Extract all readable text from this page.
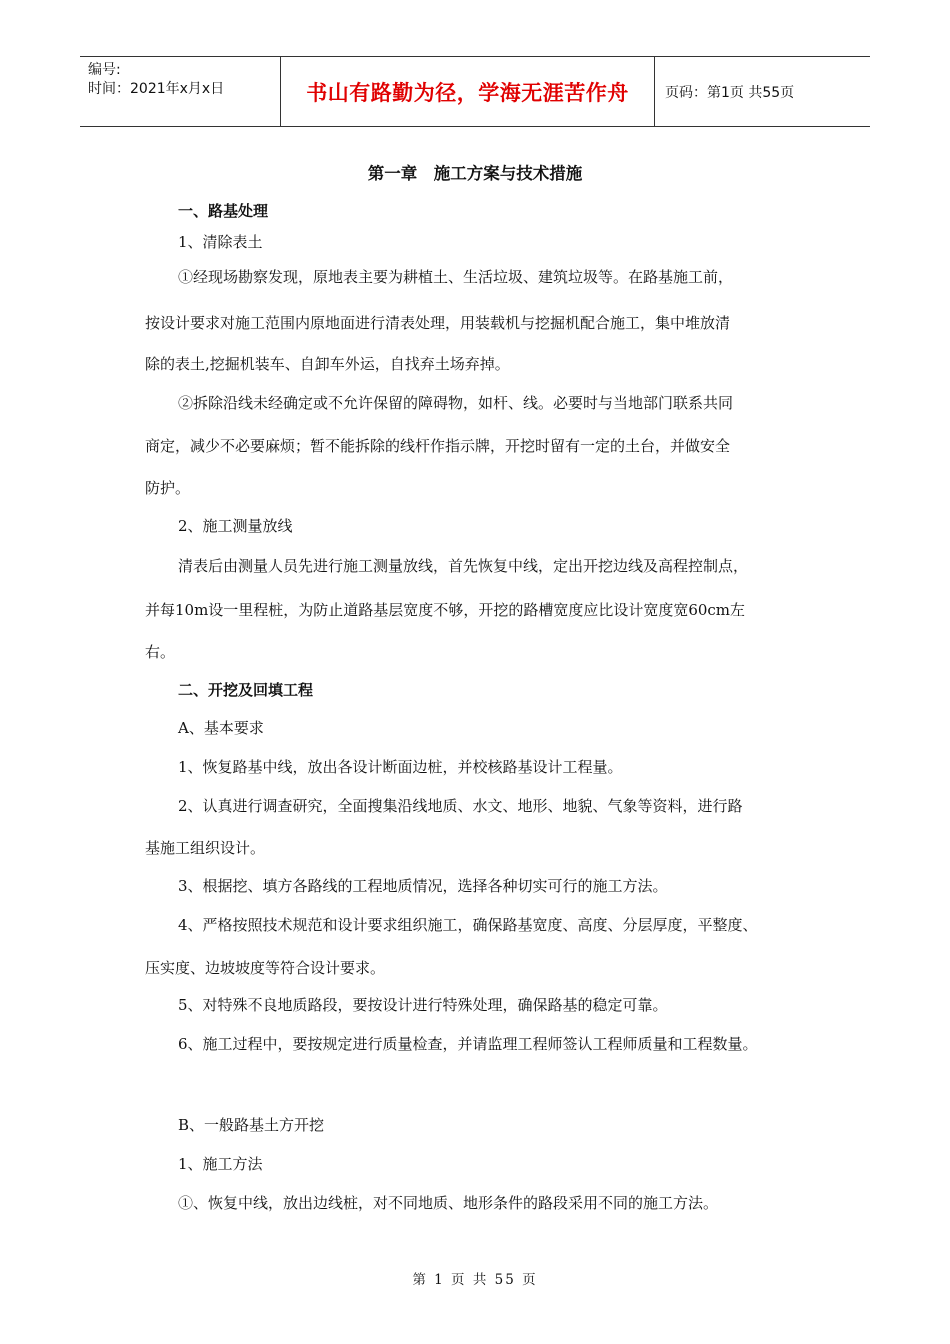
编号:
时间：2021年x月x日	书山有路勤为径，学海无涯苦作舟	页码：第1页 共55页
第一章　施工方案与技术措施
一、路基处理
1、清除表土
①经现场勘察发现，原地表主要为耕植土、生活垃圾、建筑垃圾等。在路基施工前，
按设计要求对施工范围内原地面进行清表处理，用装载机与挖掘机配合施工，集中堆放清
除的表土,挖掘机装车、自卸车外运，自找弃土场弃掉。
②拆除沿线未经确定或不允许保留的障碍物，如杆、线。必要时与当地部门联系共同
商定，减少不必要麻烦；暂不能拆除的线杆作指示牌，开挖时留有一定的土台，并做安全
防护。
2、施工测量放线
清表后由测量人员先进行施工测量放线，首先恢复中线，定出开挖边线及高程控制点，
并每10m设一里程桩，为防止道路基层宽度不够，开挖的路槽宽度应比设计宽度宽60cm左
右。
二、开挖及回填工程
A、基本要求
1、恢复路基中线，放出各设计断面边桩，并校核路基设计工程量。
2、认真进行调查研究，全面搜集沿线地质、水文、地形、地貌、气象等资料，进行路
基施工组织设计。
3、根据挖、填方各路线的工程地质情况，选择各种切实可行的施工方法。
4、严格按照技术规范和设计要求组织施工，确保路基宽度、高度、分层厚度，平整度、
压实度、边坡坡度等符合设计要求。
5、对特殊不良地质路段，要按设计进行特殊处理，确保路基的稳定可靠。
6、施工过程中，要按规定进行质量检查，并请监理工程师签认工程师质量和工程数量。
B、一般路基土方开挖
1、施工方法
①、恢复中线，放出边线桩，对不同地质、地形条件的路段采用不同的施工方法。
第 1 页 共 55 页
